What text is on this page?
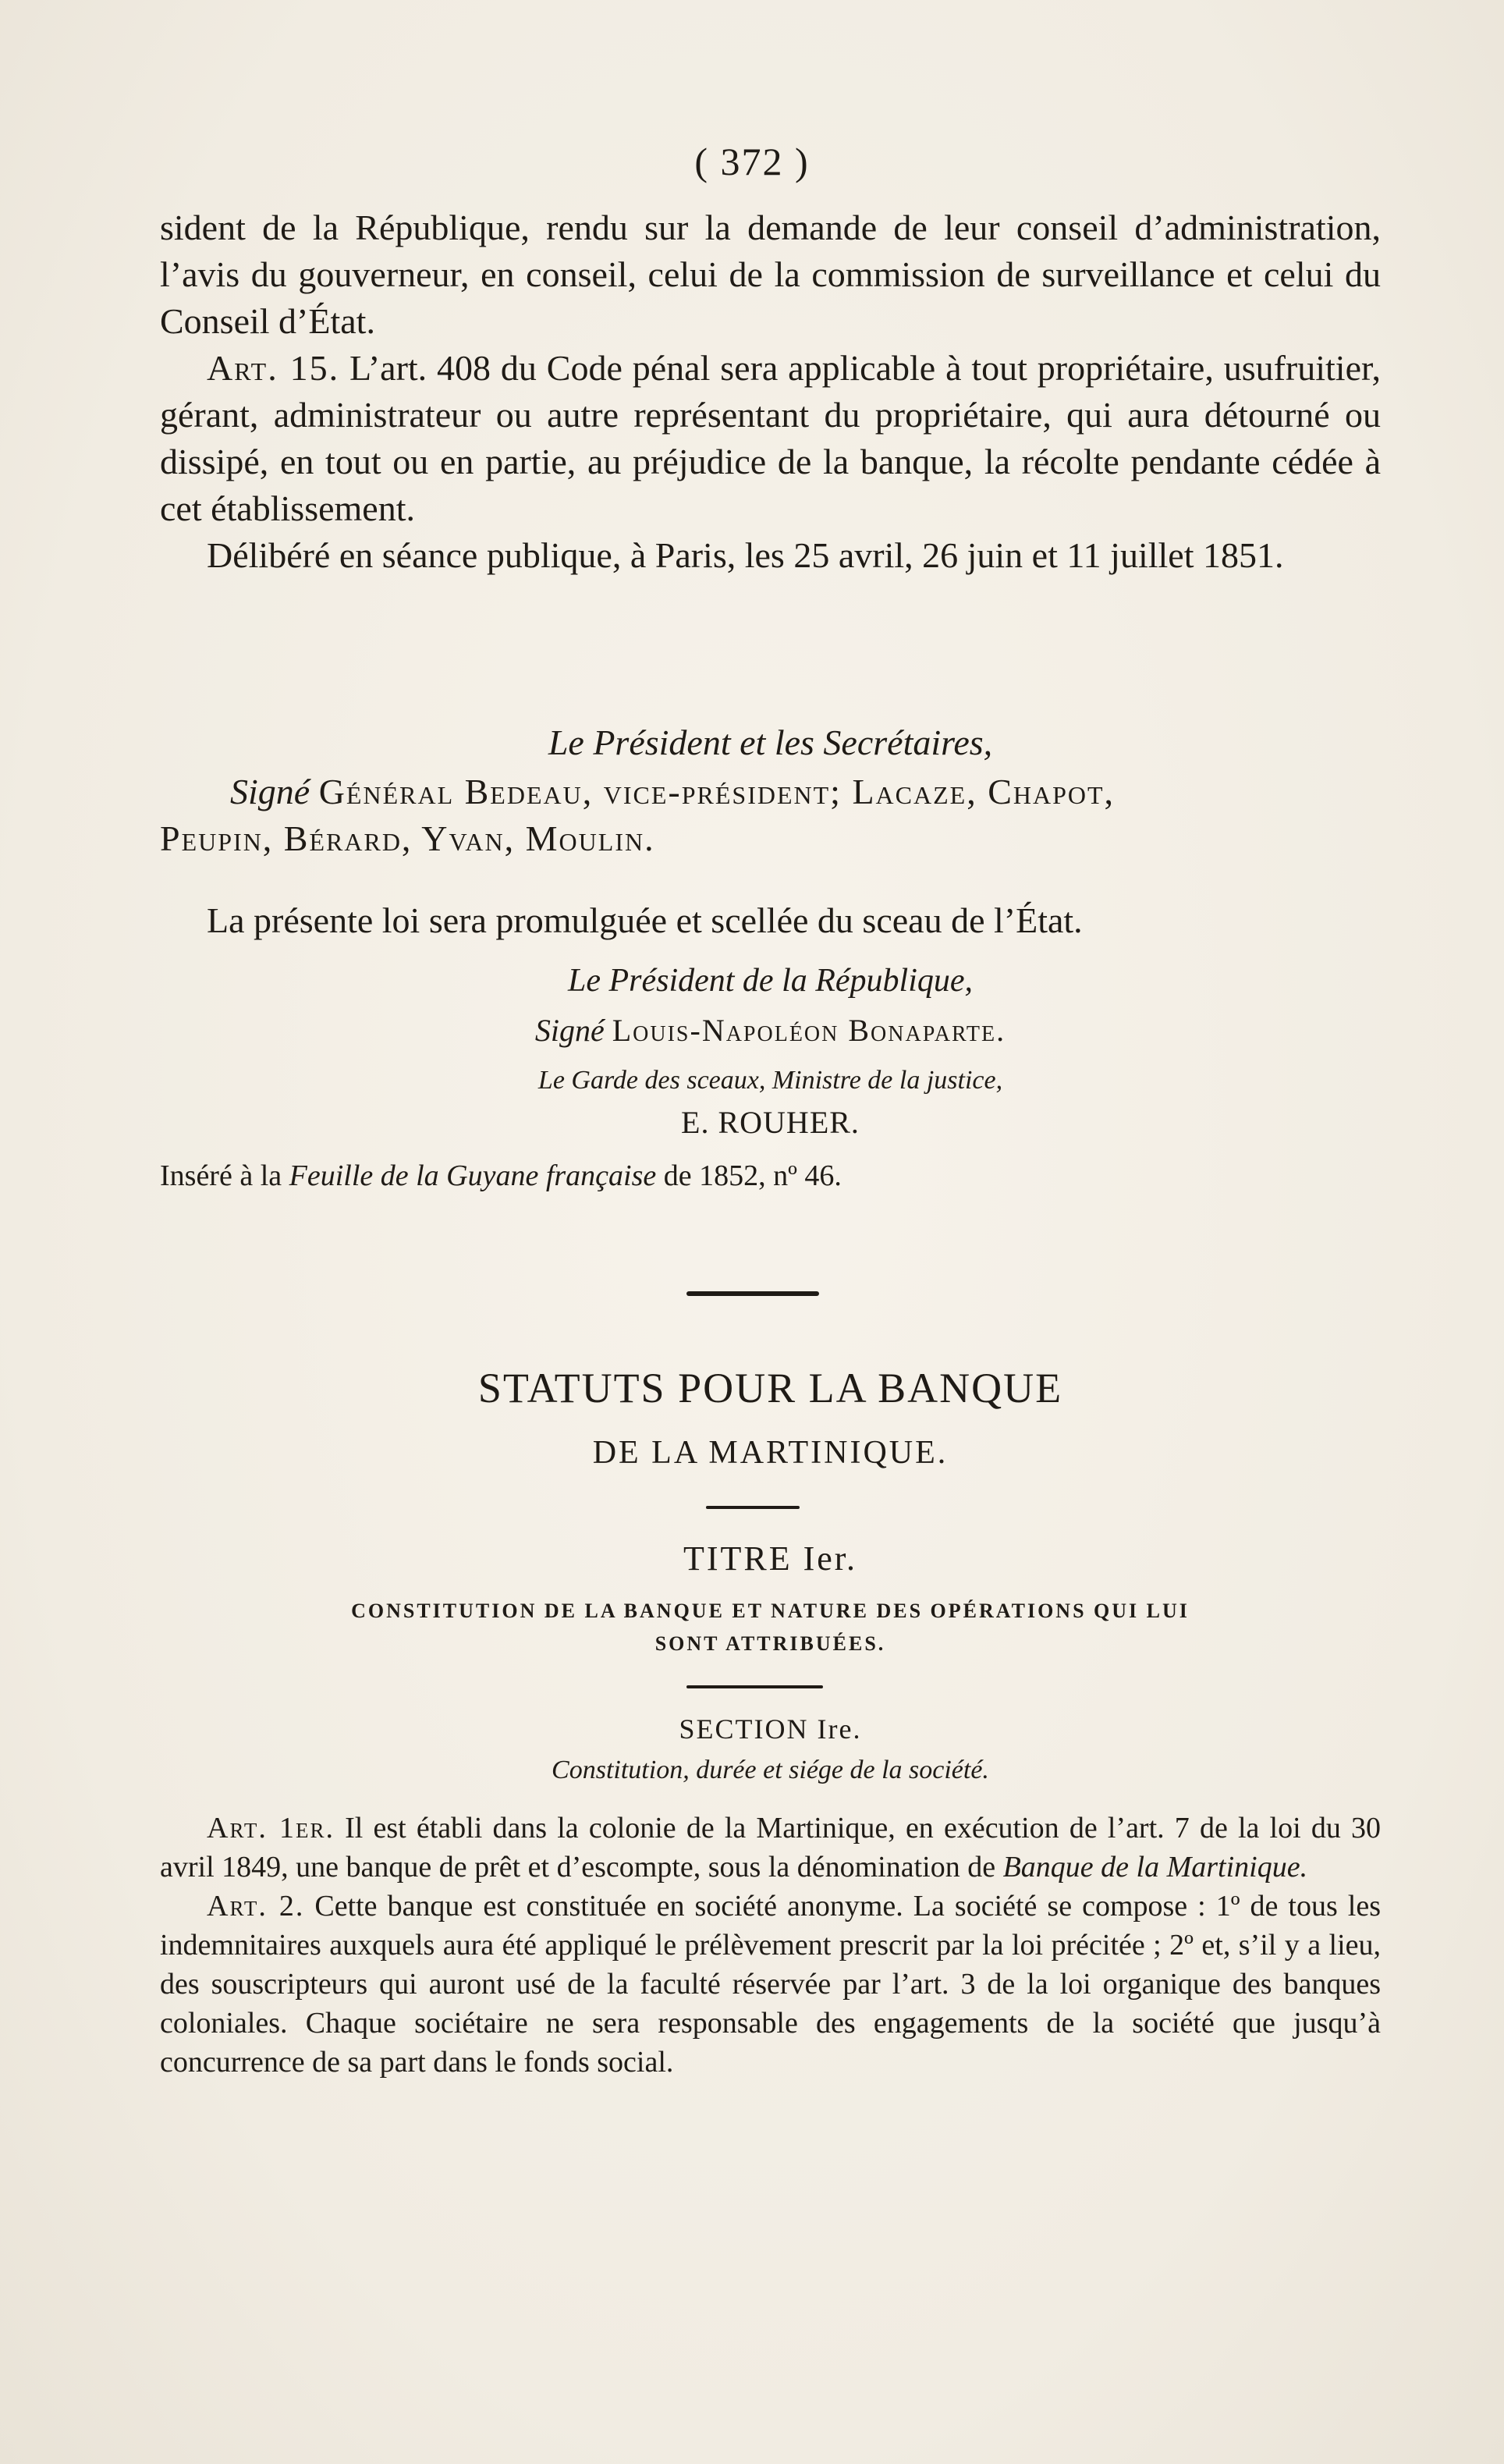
( 372 )

sident de la République, rendu sur la demande de leur conseil d’administration, l’avis du gouverneur, en conseil, celui de la commission de surveillance et celui du Conseil d’État.

Art. 15. L’art. 408 du Code pénal sera applicable à tout propriétaire, usufruitier, gérant, administrateur ou autre représentant du propriétaire, qui aura détourné ou dissipé, en tout ou en partie, au préjudice de la banque, la récolte pendante cédée à cet établissement.

Délibéré en séance publique, à Paris, les 25 avril, 26 juin et 11 juillet 1851.

Le Président et les Secrétaires,
Signé Général Bedeau, vice-président; Lacaze, Chapot,
Peupin, Bérard, Yvan, Moulin.
La présente loi sera promulguée et scellée du sceau de l’État.
Le Président de la République,
Signé Louis-Napoléon Bonaparte.
Le Garde des sceaux, Ministre de la justice,
E. ROUHER.
Inséré à la Feuille de la Guyane française de 1852, nº 46.
STATUTS POUR LA BANQUE
DE LA MARTINIQUE.
TITRE Ier.
CONSTITUTION DE LA BANQUE ET NATURE DES OPÉRATIONS QUI LUI
SONT ATTRIBUÉES.
SECTION Ire.
Constitution, durée et siége de la société.

Art. 1er. Il est établi dans la colonie de la Martinique, en exécution de l’art. 7 de la loi du 30 avril 1849, une banque de prêt et d’escompte, sous la dénomination de Banque de la Martinique.

Art. 2. Cette banque est constituée en société anonyme. La société se compose : 1º de tous les indemnitaires auxquels aura été appliqué le prélèvement prescrit par la loi précitée ; 2º et, s’il y a lieu, des souscripteurs qui auront usé de la faculté réservée par l’art. 3 de la loi organique des banques coloniales. Chaque sociétaire ne sera responsable des engagements de la société que jusqu’à concurrence de sa part dans le fonds social.
